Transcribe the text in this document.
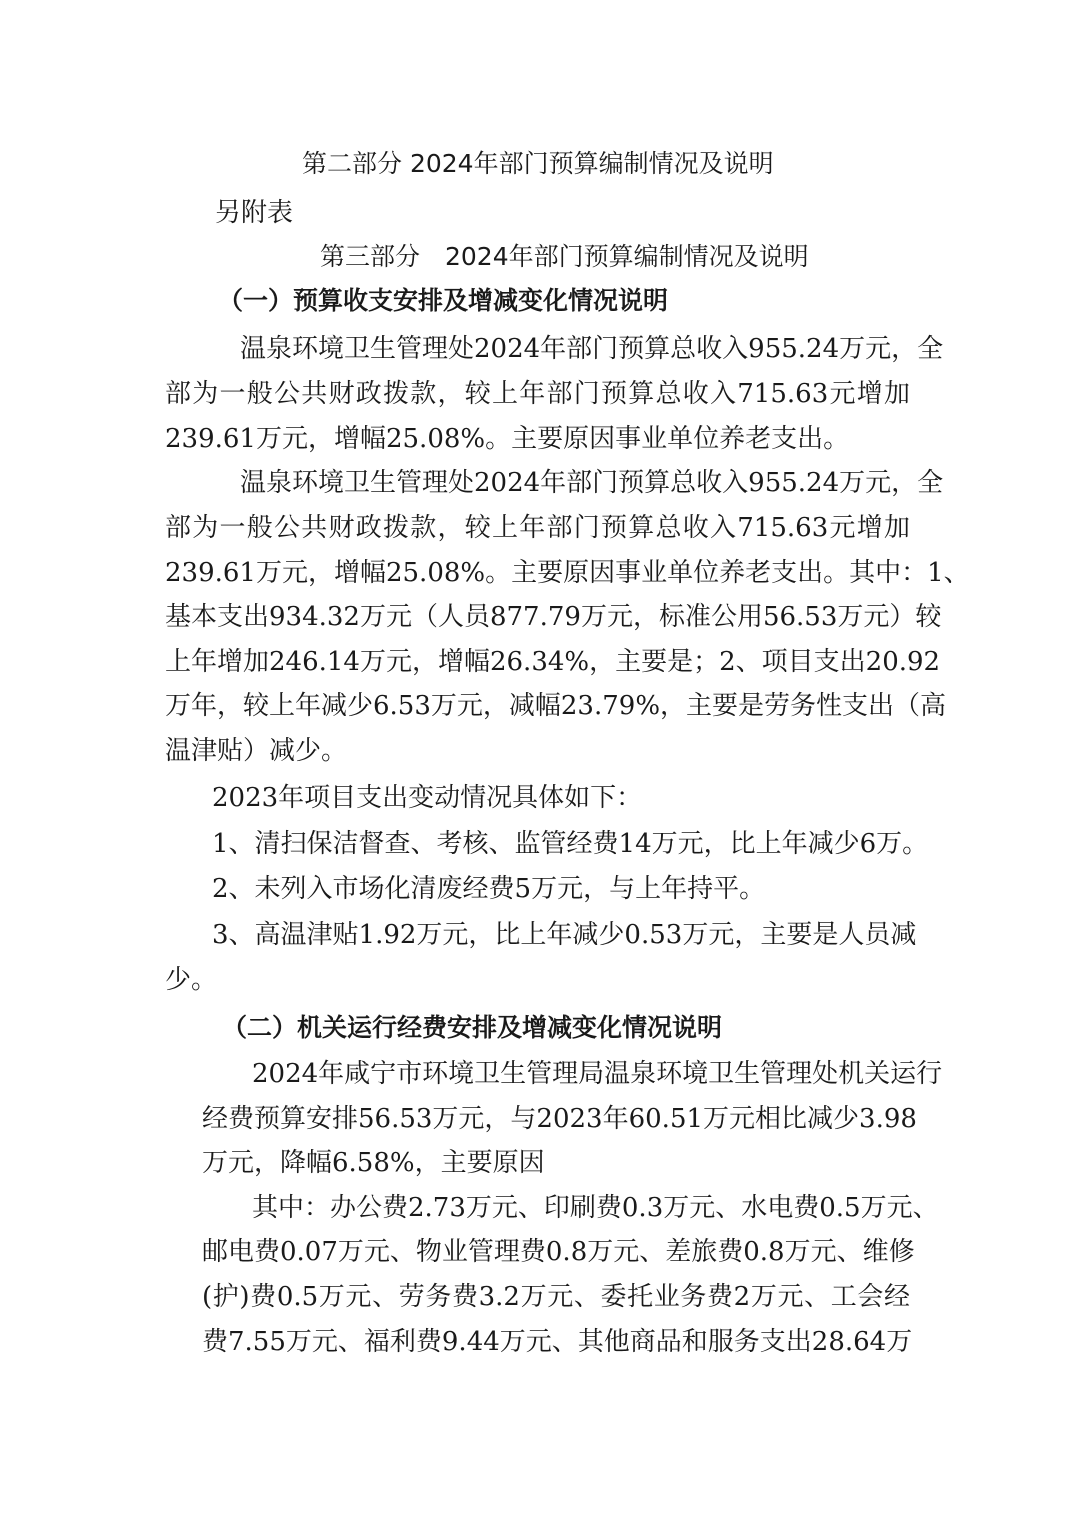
第二部分 2024年部门预算编制情况及说明
另附表
第三部分　2024年部门预算编制情况及说明
（一）预算收支安排及增减变化情况说明
温泉环境卫生管理处2024年部门预算总收入955.24万元，全
部为一般公共财政拨款，较上年部门预算总收入715.63元增加
239.61万元，增幅25.08%。主要原因事业单位养老支出。
温泉环境卫生管理处2024年部门预算总收入955.24万元，全
部为一般公共财政拨款，较上年部门预算总收入715.63元增加
239.61万元，增幅25.08%。主要原因事业单位养老支出。其中：1、
基本支出934.32万元（人员877.79万元，标准公用56.53万元）较
上年增加246.14万元，增幅26.34%，主要是；2、项目支出20.92
万年，较上年减少6.53万元，减幅23.79%，主要是劳务性支出（高
温津贴）减少。
2023年项目支出变动情况具体如下：
1、清扫保洁督查、考核、监管经费14万元，比上年减少6万。
2、未列入市场化清废经费5万元，与上年持平。
3、高温津贴1.92万元，比上年减少0.53万元，主要是人员减
少。
（二）机关运行经费安排及增减变化情况说明
2024年咸宁市环境卫生管理局温泉环境卫生管理处机关运行
经费预算安排56.53万元，与2023年60.51万元相比减少3.98
万元，降幅6.58%，主要原因
其中：办公费2.73万元、印刷费0.3万元、水电费0.5万元、
邮电费0.07万元、物业管理费0.8万元、差旅费0.8万元、维修
(护)费0.5万元、劳务费3.2万元、委托业务费2万元、工会经
费7.55万元、福利费9.44万元、其他商品和服务支出28.64万
